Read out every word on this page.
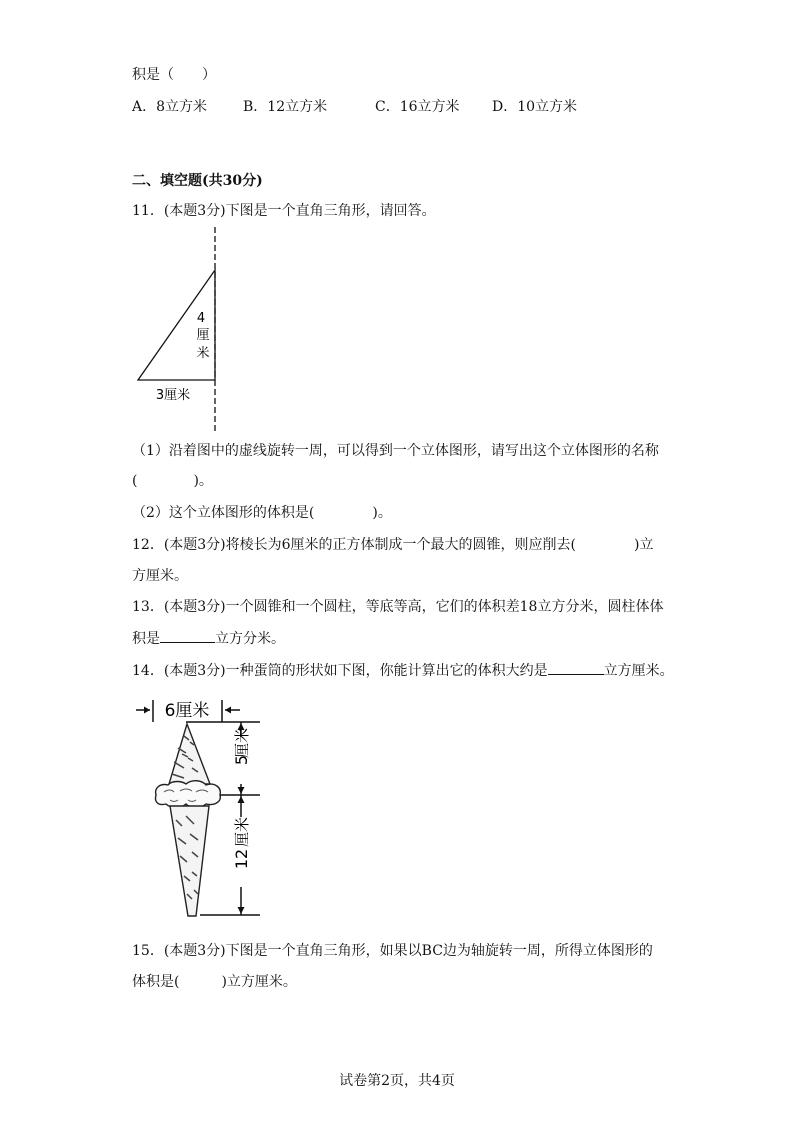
积是（　　）
A．8立方米	B．12立方米	C．16立方米 D．10立方米
二、填空题(共30分)
11．(本题3分)下图是一个直角三角形，请回答。
4
厘
米
3厘米
（1）沿着图中的虚线旋转一周，可以得到一个立体图形，请写出这个立体图形的名称
(	)。
（2）这个立体图形的体积是(	)。
12．(本题3分)将棱长为6厘米的正方体制成一个最大的圆锥，则应削去(	)立
方厘米。
13．(本题3分)一个圆锥和一个圆柱，等底等高，它们的体积差18立方分米，圆柱体体
积是	立方分米。
14．(本题3分)一种蛋筒的形状如下图，你能计算出它的体积大约是	立方厘米。
6厘米
5
厘米
12
厘米
15．(本题3分)下图是一个直角三角形，如果以BC边为轴旋转一周，所得立体图形的
体积是(	)立方厘米。
试卷第2页，共4页
